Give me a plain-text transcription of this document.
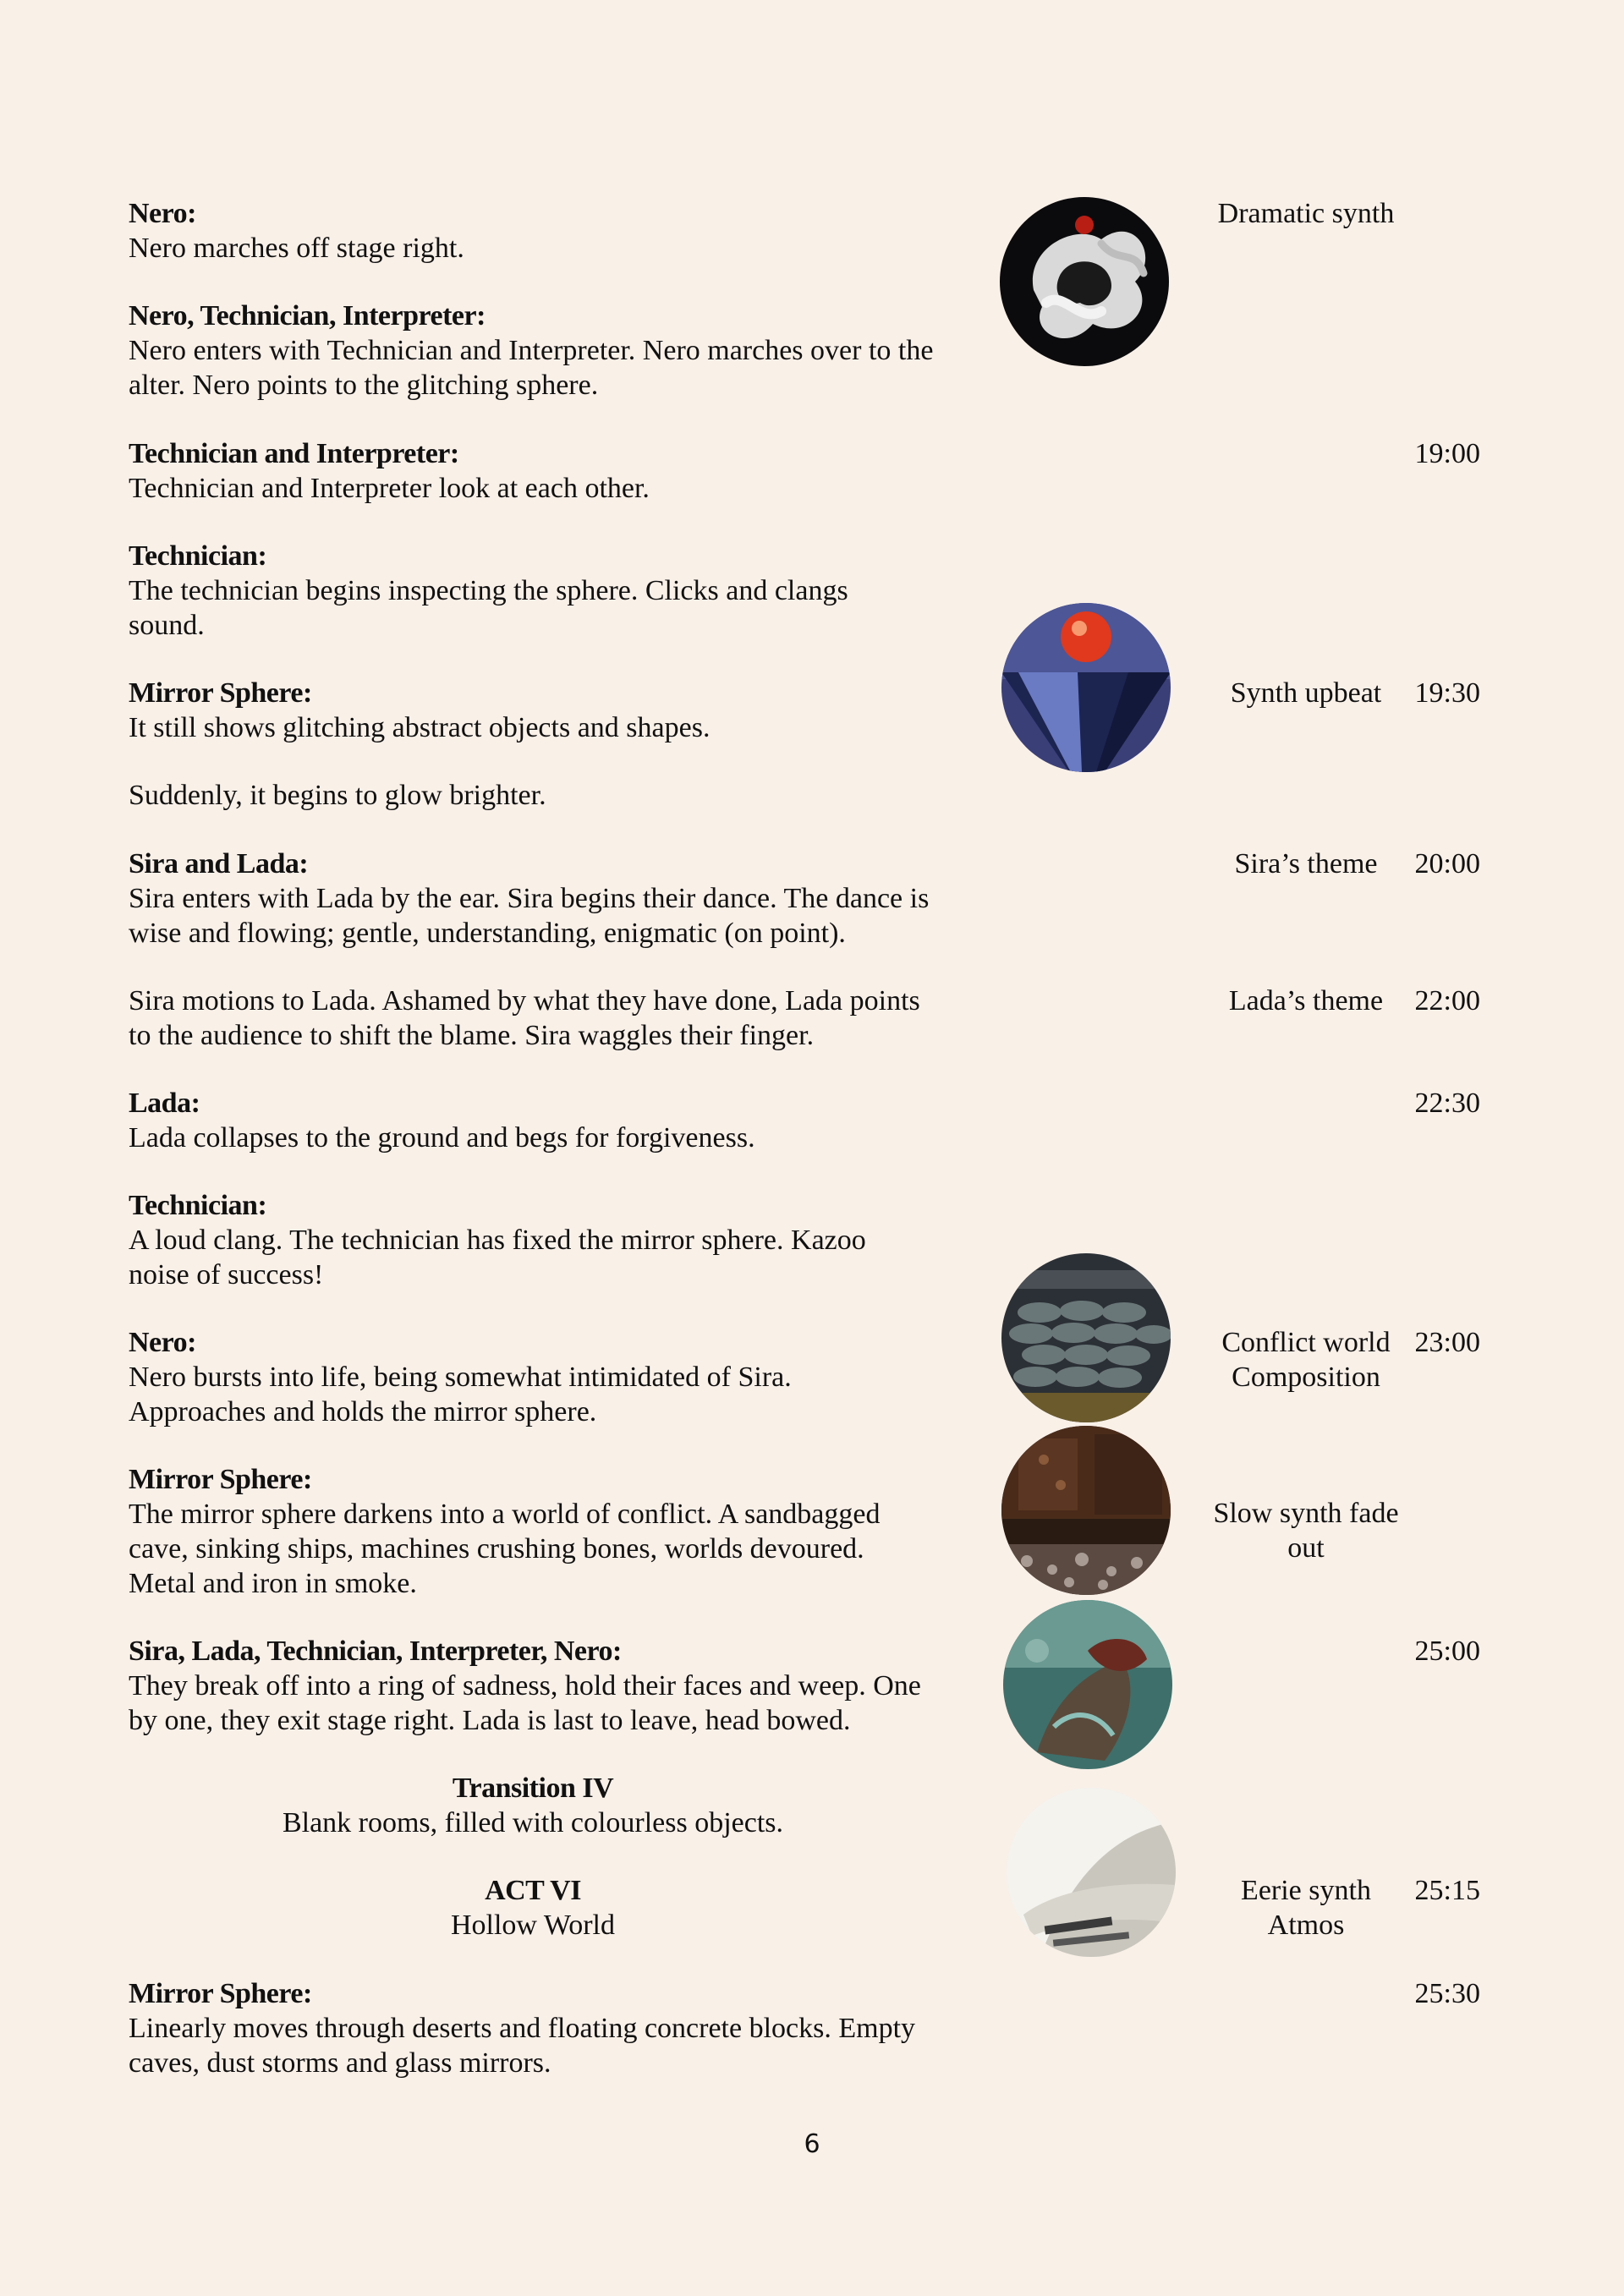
Nero:
Nero marches off stage right.
Nero, Technician, Interpreter:
Nero enters with Technician and Interpreter. Nero marches over to the alter. Nero points to the glitching sphere.
Technician and Interpreter:
Technician and Interpreter look at each other.
Technician:
The technician begins inspecting the sphere. Clicks and clangs sound.
Mirror Sphere:
It still shows glitching abstract objects and shapes.
Suddenly, it begins to glow brighter.
Sira and Lada:
Sira enters with Lada by the ear. Sira begins their dance. The dance is wise and flowing; gentle, understanding, enigmatic (on point).
Sira motions to Lada. Ashamed by what they have done, Lada points to the audience to shift the blame. Sira waggles their finger.
Lada:
Lada collapses to the ground and begs for forgiveness.
Technician:
A loud clang. The technician has fixed the mirror sphere. Kazoo noise of success!
Nero:
Nero bursts into life, being somewhat intimidated of Sira. Approaches and holds the mirror sphere.
Mirror Sphere:
The mirror sphere darkens into a world of conflict. A sandbagged cave, sinking ships, machines crushing bones, worlds devoured. Metal and iron in smoke.
Sira, Lada, Technician, Interpreter, Nero:
They break off into a ring of sadness, hold their faces and weep. One by one, they exit stage right. Lada is last to leave, head bowed.
Transition IV
Blank rooms, filled with colourless objects.
ACT VI
Hollow World
Mirror Sphere:
Linearly moves through deserts and floating concrete blocks. Empty caves, dust storms and glass mirrors.
Dramatic synth
Synth upbeat
Sira’s theme
Lada’s theme
Conflict world Composition
Slow synth fade out
Eerie synth Atmos
19:00
19:30
20:00
22:00
22:30
23:00
25:00
25:15
25:30
6
